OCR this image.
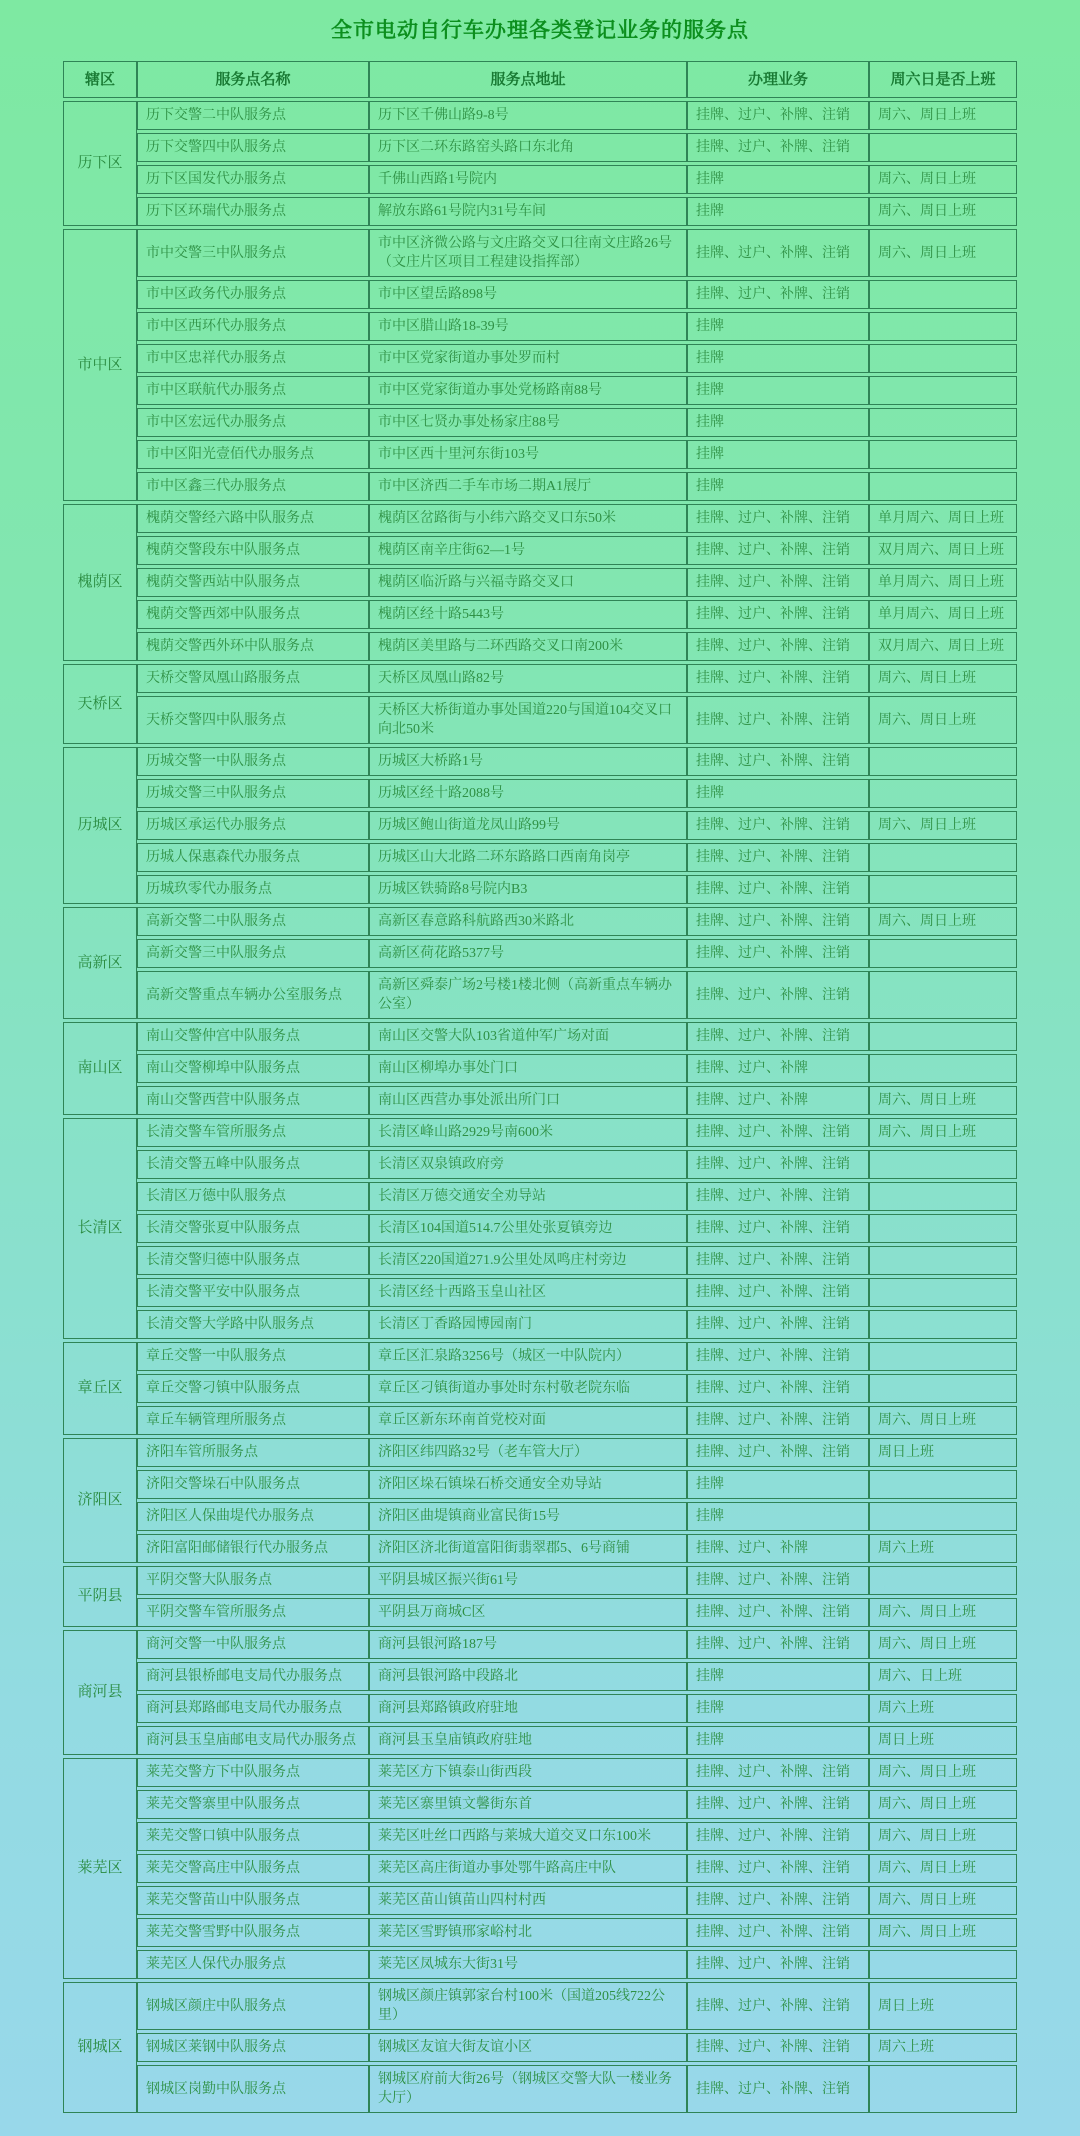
全市电动自行车办理各类登记业务的服务点
辖区	服务点名称	服务点地址	办理业务	周六日是否上班
历下区	历下交警二中队服务点	历下区千佛山路9-8号	挂牌、过户、补牌、注销	周六、周日上班
	历下交警四中队服务点	历下区二环东路窑头路口东北角	挂牌、过户、补牌、注销	
	历下区国发代办服务点	千佛山西路1号院内	挂牌	周六、周日上班
	历下区环瑞代办服务点	解放东路61号院内31号车间	挂牌	周六、周日上班
市中区	市中交警三中队服务点	市中区济微公路与文庄路交叉口往南文庄路26号（文庄片区项目工程建设指挥部）	挂牌、过户、补牌、注销	周六、周日上班
	市中区政务代办服务点	市中区望岳路898号	挂牌、过户、补牌、注销	
	市中区西环代办服务点	市中区腊山路18-39号	挂牌	
	市中区忠祥代办服务点	市中区党家街道办事处罗而村	挂牌	
	市中区联航代办服务点	市中区党家街道办事处党杨路南88号	挂牌	
	市中区宏远代办服务点	市中区七贤办事处杨家庄88号	挂牌	
	市中区阳光壹佰代办服务点	市中区西十里河东街103号	挂牌	
	市中区鑫三代办服务点	市中区济西二手车市场二期A1展厅	挂牌	
槐荫区	槐荫交警经六路中队服务点	槐荫区岔路街与小纬六路交叉口东50米	挂牌、过户、补牌、注销	单月周六、周日上班
	槐荫交警段东中队服务点	槐荫区南辛庄街62—1号	挂牌、过户、补牌、注销	双月周六、周日上班
	槐荫交警西站中队服务点	槐荫区临沂路与兴福寺路交叉口	挂牌、过户、补牌、注销	单月周六、周日上班
	槐荫交警西郊中队服务点	槐荫区经十路5443号	挂牌、过户、补牌、注销	单月周六、周日上班
	槐荫交警西外环中队服务点	槐荫区美里路与二环西路交叉口南200米	挂牌、过户、补牌、注销	双月周六、周日上班
天桥区	天桥交警凤凰山路服务点	天桥区凤凰山路82号	挂牌、过户、补牌、注销	周六、周日上班
	天桥交警四中队服务点	天桥区大桥街道办事处国道220与国道104交叉口向北50米	挂牌、过户、补牌、注销	周六、周日上班
历城区	历城交警一中队服务点	历城区大桥路1号	挂牌、过户、补牌、注销	
	历城交警三中队服务点	历城区经十路2088号	挂牌	
	历城区承运代办服务点	历城区鲍山街道龙凤山路99号	挂牌、过户、补牌、注销	周六、周日上班
	历城人保惠森代办服务点	历城区山大北路二环东路路口西南角岗亭	挂牌、过户、补牌、注销	
	历城玖零代办服务点	历城区铁骑路8号院内B3	挂牌、过户、补牌、注销	
高新区	高新交警二中队服务点	高新区春意路科航路西30米路北	挂牌、过户、补牌、注销	周六、周日上班
	高新交警三中队服务点	高新区荷花路5377号	挂牌、过户、补牌、注销	
	高新交警重点车辆办公室服务点	高新区舜泰广场2号楼1楼北侧（高新重点车辆办公室）	挂牌、过户、补牌、注销	
南山区	南山交警仲宫中队服务点	南山区交警大队103省道仲军广场对面	挂牌、过户、补牌、注销	
	南山交警柳埠中队服务点	南山区柳埠办事处门口	挂牌、过户、补牌	
	南山交警西营中队服务点	南山区西营办事处派出所门口	挂牌、过户、补牌	周六、周日上班
长清区	长清交警车管所服务点	长清区峰山路2929号南600米	挂牌、过户、补牌、注销	周六、周日上班
	长清交警五峰中队服务点	长清区双泉镇政府旁	挂牌、过户、补牌、注销	
	长清区万德中队服务点	长清区万德交通安全劝导站	挂牌、过户、补牌、注销	
	长清交警张夏中队服务点	长清区104国道514.7公里处张夏镇旁边	挂牌、过户、补牌、注销	
	长清交警归德中队服务点	长清区220国道271.9公里处凤鸣庄村旁边	挂牌、过户、补牌、注销	
	长清交警平安中队服务点	长清区经十西路玉皇山社区	挂牌、过户、补牌、注销	
	长清交警大学路中队服务点	长清区丁香路园博园南门	挂牌、过户、补牌、注销	
章丘区	章丘交警一中队服务点	章丘区汇泉路3256号（城区一中队院内）	挂牌、过户、补牌、注销	
	章丘交警刁镇中队服务点	章丘区刁镇街道办事处时东村敬老院东临	挂牌、过户、补牌、注销	
	章丘车辆管理所服务点	章丘区新东环南首党校对面	挂牌、过户、补牌、注销	周六、周日上班
济阳区	济阳车管所服务点	济阳区纬四路32号（老车管大厅）	挂牌、过户、补牌、注销	周日上班
	济阳交警垛石中队服务点	济阳区垛石镇垛石桥交通安全劝导站	挂牌	
	济阳区人保曲堤代办服务点	济阳区曲堤镇商业富民街15号	挂牌	
	济阳富阳邮储银行代办服务点	济阳区济北街道富阳街翡翠郡5、6号商铺	挂牌、过户、补牌	周六上班
平阴县	平阴交警大队服务点	平阴县城区振兴街61号	挂牌、过户、补牌、注销	
	平阴交警车管所服务点	平阴县万商城C区	挂牌、过户、补牌、注销	周六、周日上班
商河县	商河交警一中队服务点	商河县银河路187号	挂牌、过户、补牌、注销	周六、周日上班
	商河县银桥邮电支局代办服务点	商河县银河路中段路北	挂牌	周六、日上班
	商河县郑路邮电支局代办服务点	商河县郑路镇政府驻地	挂牌	周六上班
	商河县玉皇庙邮电支局代办服务点	商河县玉皇庙镇政府驻地	挂牌	周日上班
莱芜区	莱芜交警方下中队服务点	莱芜区方下镇泰山街西段	挂牌、过户、补牌、注销	周六、周日上班
	莱芜交警寨里中队服务点	莱芜区寨里镇文馨街东首	挂牌、过户、补牌、注销	周六、周日上班
	莱芜交警口镇中队服务点	莱芜区吐丝口西路与莱城大道交叉口东100米	挂牌、过户、补牌、注销	周六、周日上班
	莱芜交警高庄中队服务点	莱芜区高庄街道办事处鄂牛路高庄中队	挂牌、过户、补牌、注销	周六、周日上班
	莱芜交警苗山中队服务点	莱芜区苗山镇苗山四村村西	挂牌、过户、补牌、注销	周六、周日上班
	莱芜交警雪野中队服务点	莱芜区雪野镇邢家峪村北	挂牌、过户、补牌、注销	周六、周日上班
	莱芜区人保代办服务点	莱芜区凤城东大街31号	挂牌、过户、补牌、注销	
钢城区	钢城区颜庄中队服务点	钢城区颜庄镇郭家台村100米（国道205线722公里）	挂牌、过户、补牌、注销	周日上班
	钢城区莱钢中队服务点	钢城区友谊大街友谊小区	挂牌、过户、补牌、注销	周六上班
	钢城区岗勤中队服务点	钢城区府前大街26号（钢城区交警大队一楼业务大厅）	挂牌、过户、补牌、注销	
